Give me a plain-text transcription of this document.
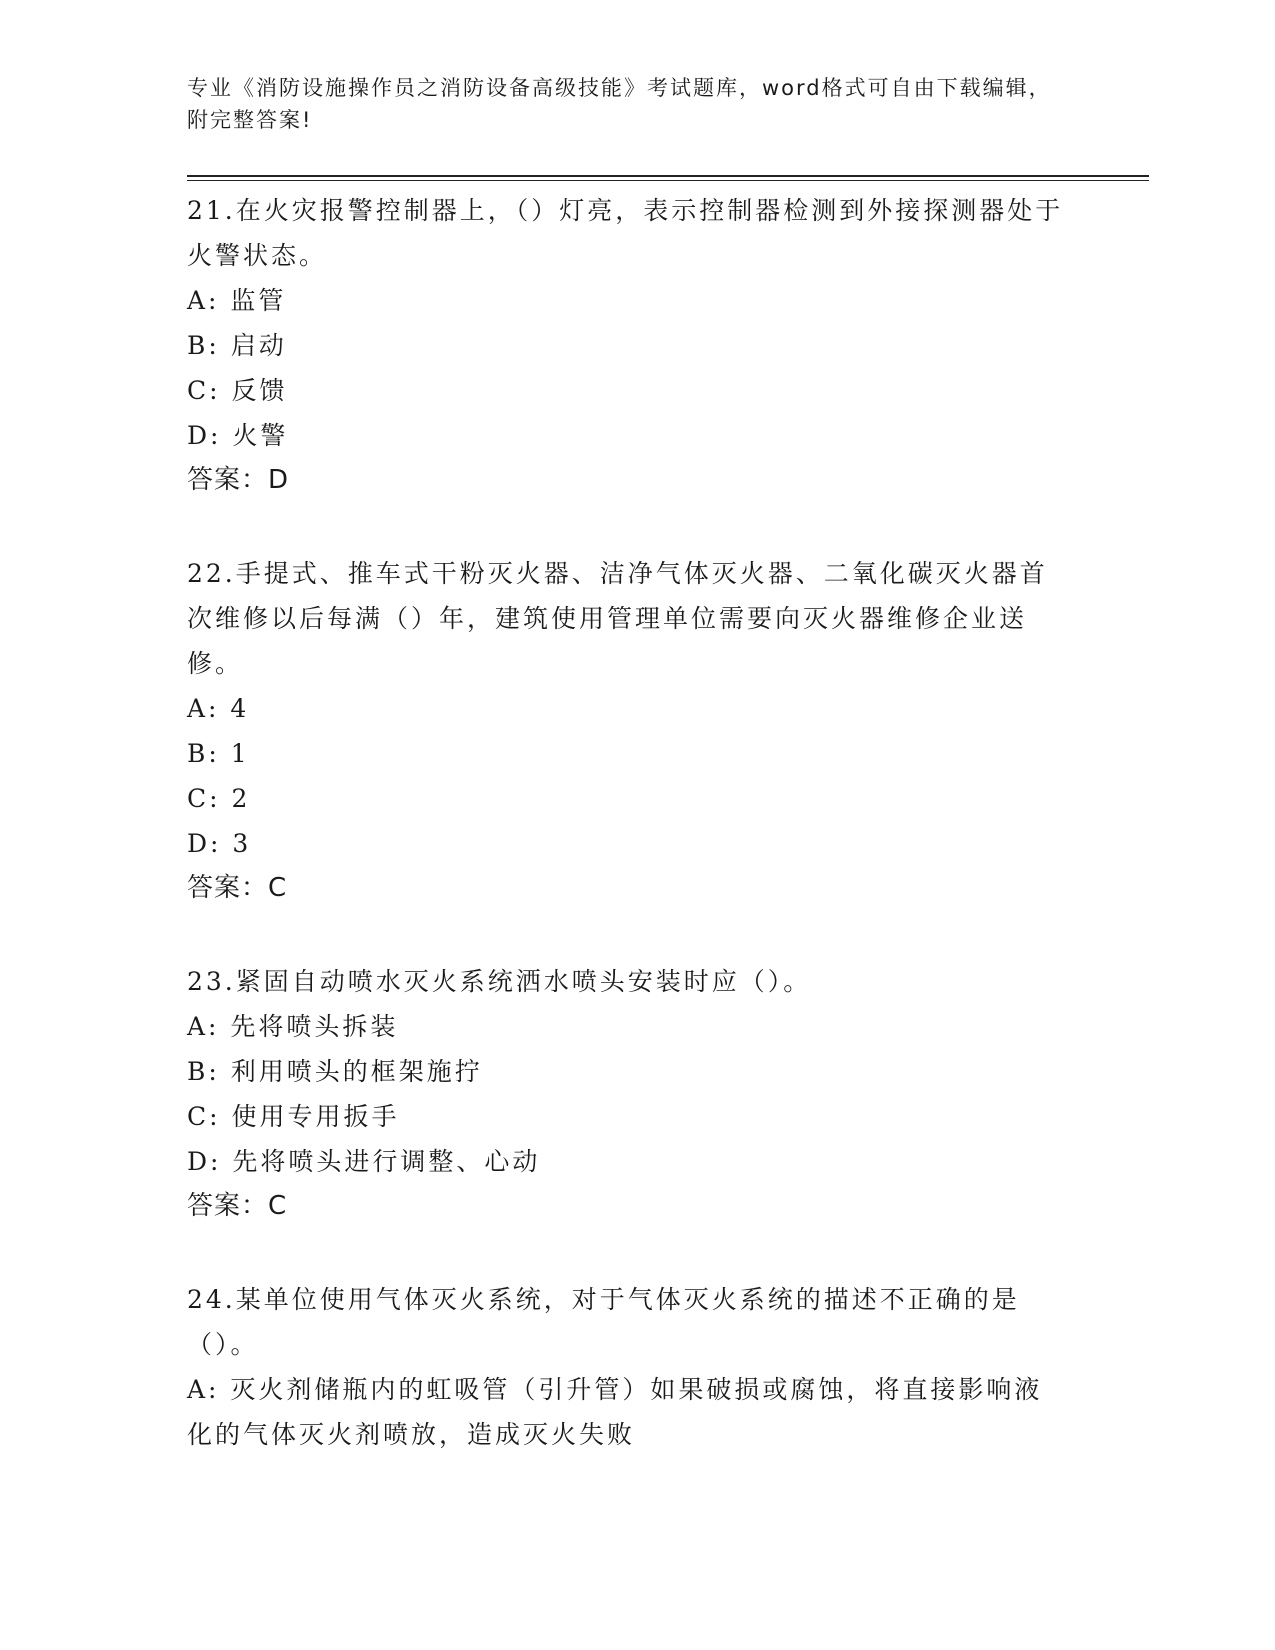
专业《消防设施操作员之消防设备高级技能》考试题库，word格式可自由下载编辑，附完整答案!
21.在火灾报警控制器上，（）灯亮，表示控制器检测到外接探测器处于火警状态。
A: 监管
B: 启动
C: 反馈
D: 火警
答案：D
22.手提式、推车式干粉灭火器、洁净气体灭火器、二氧化碳灭火器首次维修以后每满（）年，建筑使用管理单位需要向灭火器维修企业送修。
A: 4
B: 1
C: 2
D: 3
答案：C
23.紧固自动喷水灭火系统洒水喷头安装时应（）。
A: 先将喷头拆装
B: 利用喷头的框架施拧
C: 使用专用扳手
D: 先将喷头进行调整、心动
答案：C
24.某单位使用气体灭火系统，对于气体灭火系统的描述不正确的是（）。
A: 灭火剂储瓶内的虹吸管（引升管）如果破损或腐蚀，将直接影响液化的气体灭火剂喷放，造成灭火失败
